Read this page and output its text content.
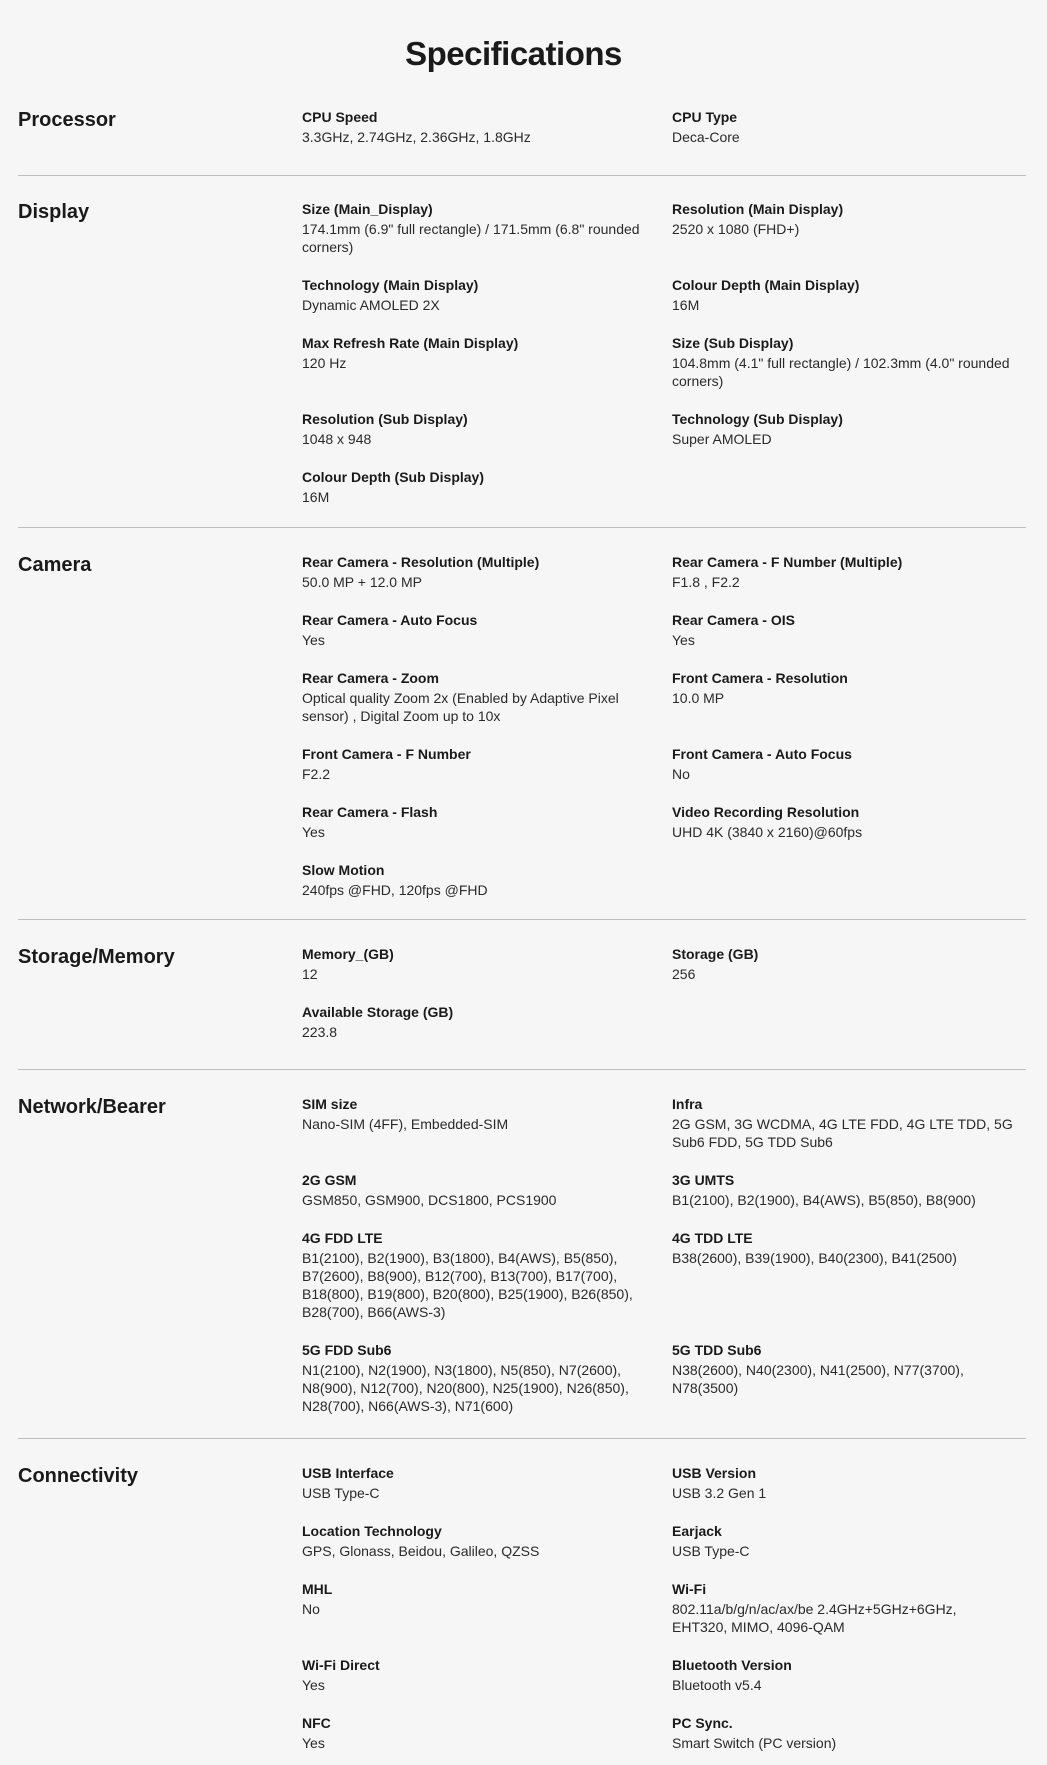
Specifications
Processor	CPU Speed
3.3GHz, 2.74GHz, 2.36GHz, 1.8GHz
CPU Type
Deca-Core
Display	Size (Main_Display)
174.1mm (6.9" full rectangle) / 171.5mm (6.8" rounded corners)
Resolution (Main Display)
2520 x 1080 (FHD+)
Technology (Main Display)
Dynamic AMOLED 2X
Colour Depth (Main Display)
16M
Max Refresh Rate (Main Display)
120 Hz
Size (Sub Display)
104.8mm (4.1" full rectangle) / 102.3mm (4.0" rounded corners)
Resolution (Sub Display)
1048 x 948
Technology (Sub Display)
Super AMOLED
Colour Depth (Sub Display)
16M
Camera	Rear Camera - Resolution (Multiple)
50.0 MP + 12.0 MP
Rear Camera - F Number (Multiple)
F1.8 , F2.2
Rear Camera - Auto Focus
Yes
Rear Camera - OIS
Yes
Rear Camera - Zoom
Optical quality Zoom 2x (Enabled by Adaptive Pixel sensor) , Digital Zoom up to 10x
Front Camera - Resolution
10.0 MP
Front Camera - F Number
F2.2
Front Camera - Auto Focus
No
Rear Camera - Flash
Yes
Video Recording Resolution
UHD 4K (3840 x 2160)@60fps
Slow Motion
240fps @FHD, 120fps @FHD
Storage/Memory	Memory_(GB)
12
Storage (GB)
256
Available Storage (GB)
223.8
Network/Bearer	SIM size
Nano-SIM (4FF), Embedded-SIM
Infra
2G GSM, 3G WCDMA, 4G LTE FDD, 4G LTE TDD, 5G Sub6 FDD, 5G TDD Sub6
2G GSM
GSM850, GSM900, DCS1800, PCS1900
3G UMTS
B1(2100), B2(1900), B4(AWS), B5(850), B8(900)
4G FDD LTE
B1(2100), B2(1900), B3(1800), B4(AWS), B5(850), B7(2600), B8(900), B12(700), B13(700), B17(700), B18(800), B19(800), B20(800), B25(1900), B26(850), B28(700), B66(AWS-3)
4G TDD LTE
B38(2600), B39(1900), B40(2300), B41(2500)
5G FDD Sub6
N1(2100), N2(1900), N3(1800), N5(850), N7(2600), N8(900), N12(700), N20(800), N25(1900), N26(850), N28(700), N66(AWS-3), N71(600)
5G TDD Sub6
N38(2600), N40(2300), N41(2500), N77(3700), N78(3500)
Connectivity	USB Interface
USB Type-C
USB Version
USB 3.2 Gen 1
Location Technology
GPS, Glonass, Beidou, Galileo, QZSS
Earjack
USB Type-C
MHL
No
Wi-Fi
802.11a/b/g/n/ac/ax/be 2.4GHz+5GHz+6GHz, EHT320, MIMO, 4096-QAM
Wi-Fi Direct
Yes
Bluetooth Version
Bluetooth v5.4
NFC
Yes
PC Sync.
Smart Switch (PC version)
